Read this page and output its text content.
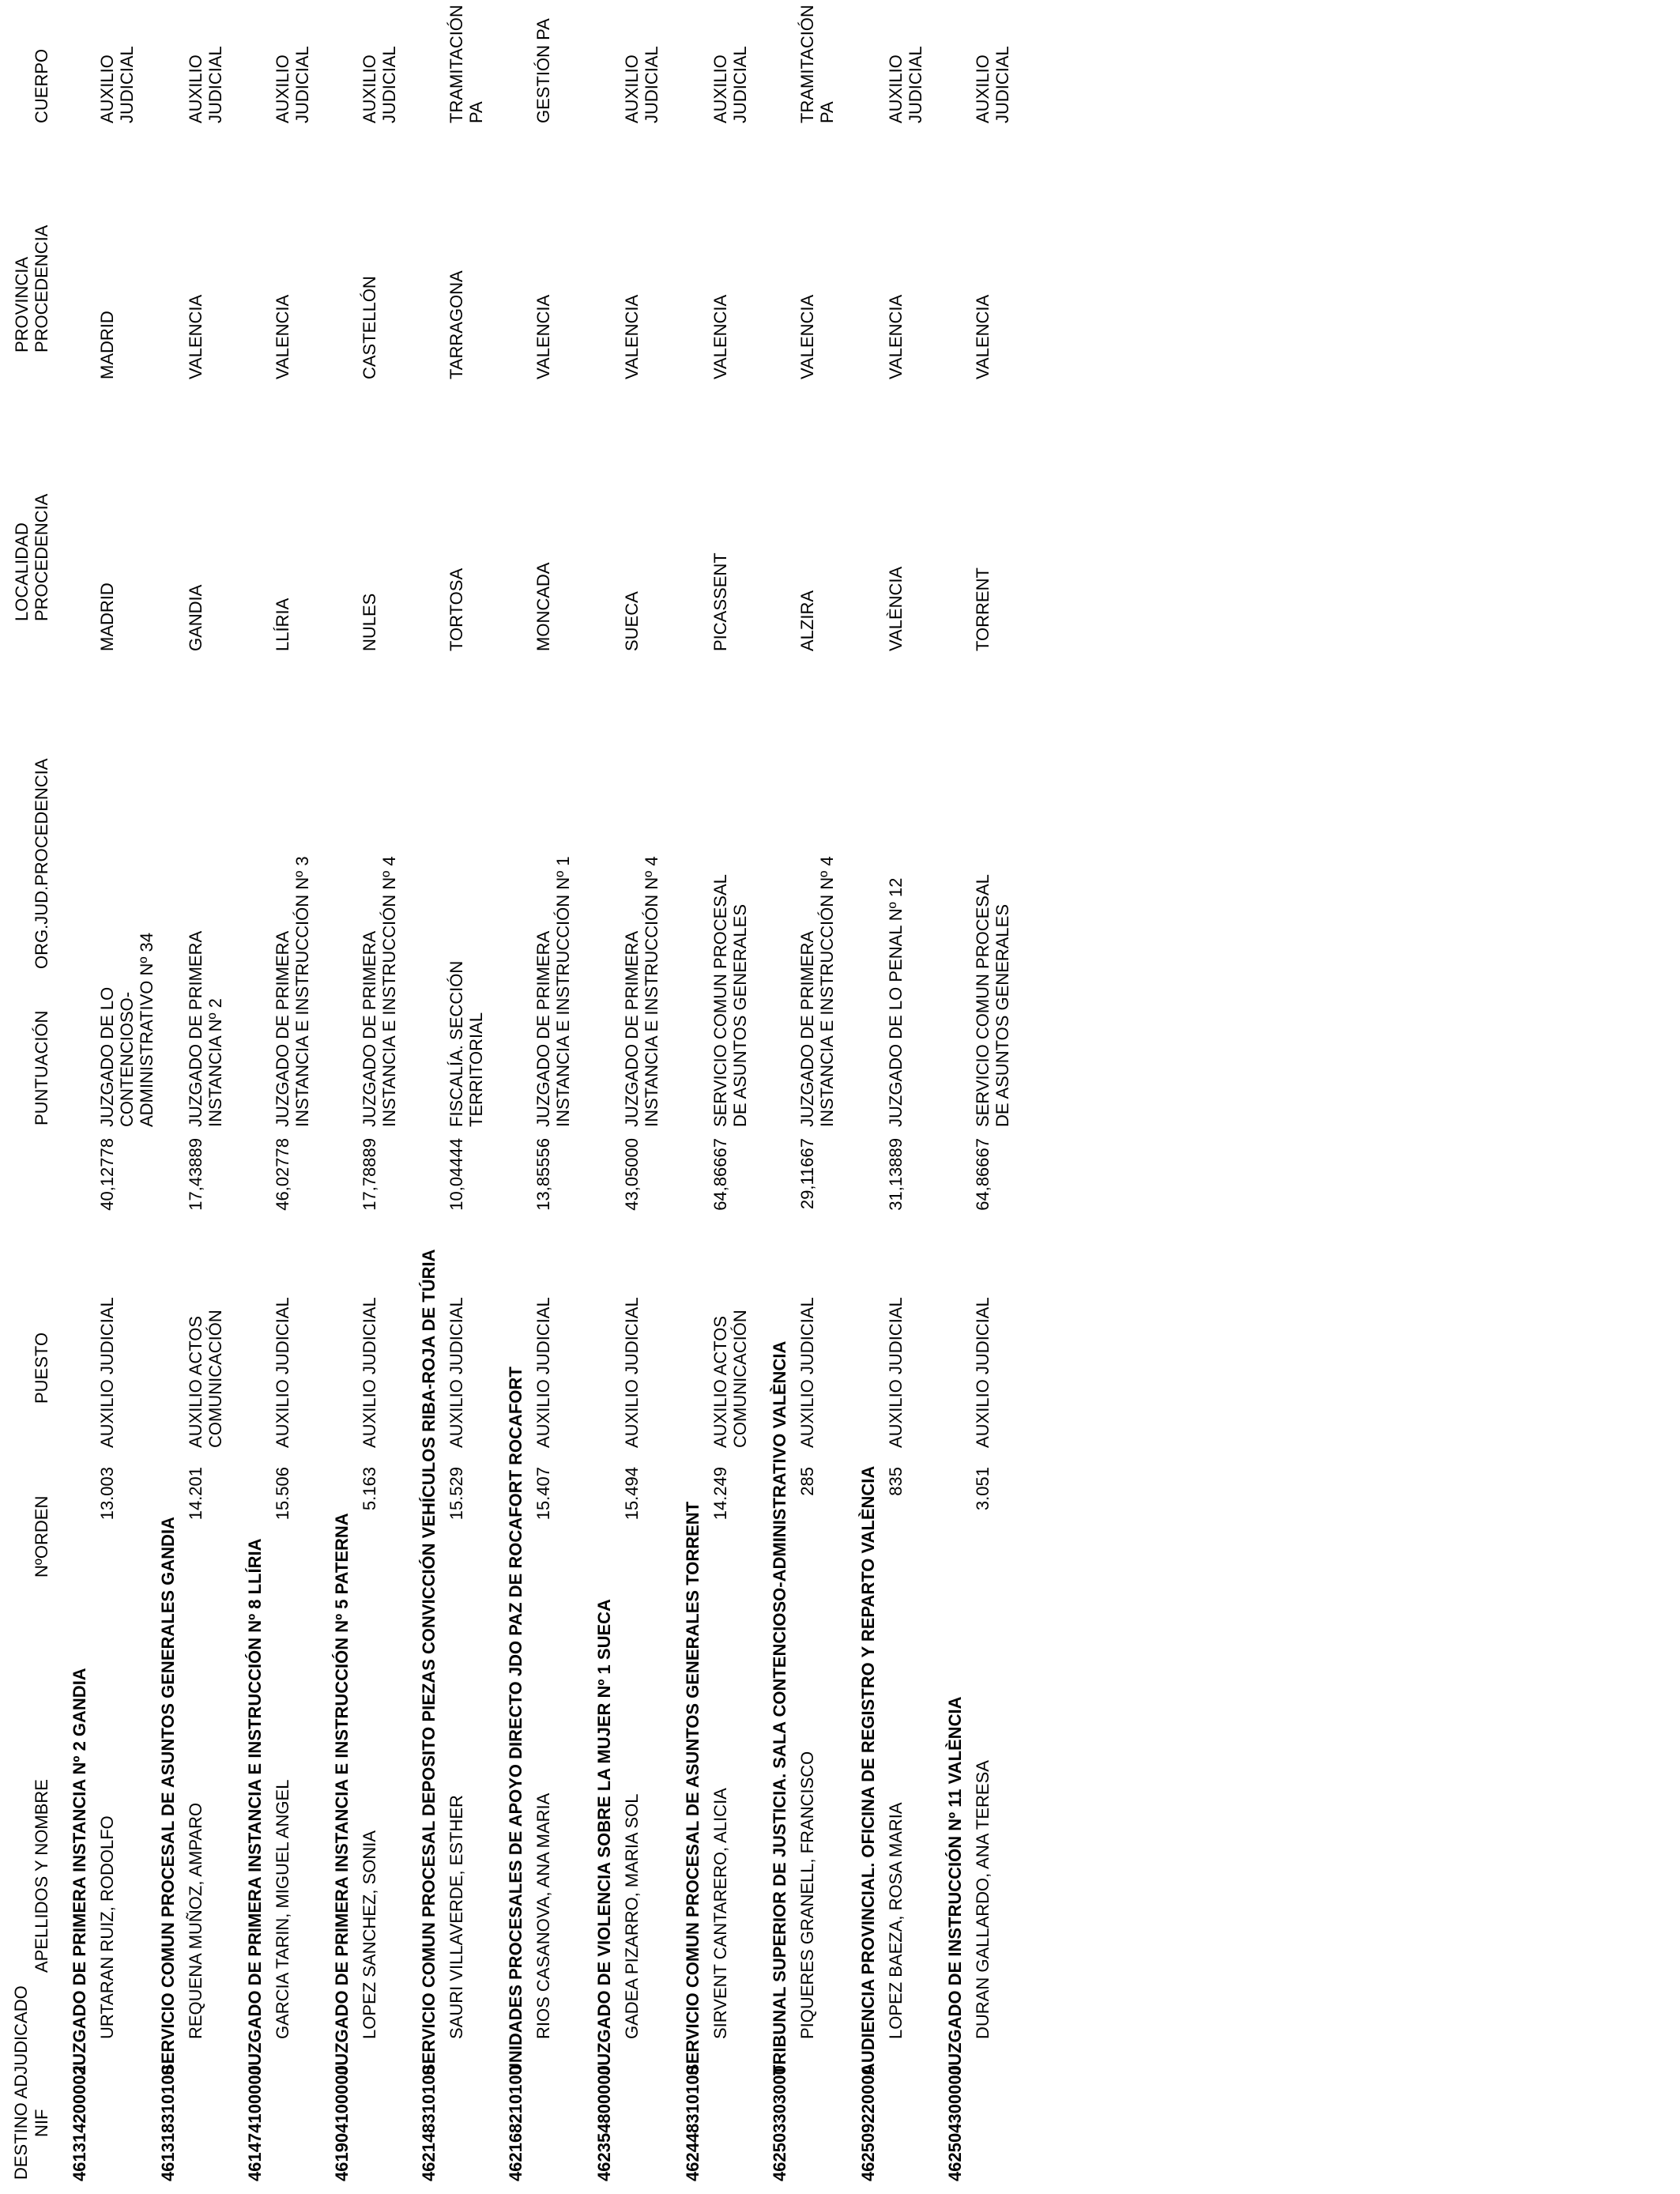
DESTINO ADJUDICADO NIF
APELLIDOS Y NOMBRE
NºORDEN
PUESTO
PUNTUACIÓN
ORG.JUD.PROCEDENCIA
LOCALIDAD PROCEDENCIA
PROVINCIA PROCEDENCIA
CUERPO
461314200002
JUZGADO DE PRIMERA INSTANCIA Nº 2 GANDIA URTARAN RUIZ, RODOLFO
13.003
AUXILIO JUDICIAL
40,12778
JUZGADO DE LO CONTENCIOSO- ADMINISTRATIVO Nº 34
MADRID
MADRID
AUXILIO JUDICIAL
461318310100
SERVICIO COMUN PROCESAL DE ASUNTOS GENERALES GANDIA REQUENA MUÑOZ, AMPARO
14.201
AUXILIO ACTOS COMUNICACIÓN
17,43889
JUZGADO DE PRIMERA INSTANCIA Nº 2
GANDIA
VALENCIA
AUXILIO JUDICIAL
461474100000
JUZGADO DE PRIMERA INSTANCIA E INSTRUCCIÓN Nº 8 LLÍRIA GARCIA TARIN, MIGUEL ANGEL
15.506
AUXILIO JUDICIAL
46,02778
JUZGADO DE PRIMERA INSTANCIA E INSTRUCCIÓN Nº 3
LLÍRIA
VALENCIA
AUXILIO JUDICIAL
461904100000
JUZGADO DE PRIMERA INSTANCIA E INSTRUCCIÓN Nº 5 PATERNA LOPEZ SANCHEZ, SONIA
5.163
AUXILIO JUDICIAL
17,78889
JUZGADO DE PRIMERA INSTANCIA E INSTRUCCIÓN Nº 4
NULES
CASTELLÓN
AUXILIO JUDICIAL
462148310100
SERVICIO COMUN PROCESAL DEPOSITO PIEZAS CONVICCIÓN VEHÍCULOS RIBA-ROJA DE TÚRIA SAURI VILLAVERDE, ESTHER
15.529
AUXILIO JUDICIAL
10,04444
FISCALÍA. SECCIÓN TERRITORIAL
TORTOSA
TARRAGONA
TRAMITACIÓN PA
462168210100
UNIDADES PROCESALES DE APOYO DIRECTO JDO PAZ DE ROCAFORT ROCAFORT RIOS CASANOVA, ANA MARIA
15.407
AUXILIO JUDICIAL
13,85556
JUZGADO DE PRIMERA INSTANCIA E INSTRUCCIÓN Nº 1
MONCADA
VALENCIA
GESTIÓN PA
462354800000
JUZGADO DE VIOLENCIA SOBRE LA MUJER Nº 1 SUECA GADEA PIZARRO, MARIA SOL
15.494
AUXILIO JUDICIAL
43,05000
JUZGADO DE PRIMERA INSTANCIA E INSTRUCCIÓN Nº 4
SUECA
VALENCIA
AUXILIO JUDICIAL
462448310100
SERVICIO COMUN PROCESAL DE ASUNTOS GENERALES TORRENT SIRVENT CANTARERO, ALICIA
14.249
AUXILIO ACTOS COMUNICACIÓN
64,86667
SERVICIO COMUN PROCESAL DE ASUNTOS GENERALES
PICASSENT
VALENCIA
AUXILIO JUDICIAL
462503303000
TRIBUNAL SUPERIOR DE JUSTICIA. SALA CONTENCIOSO-ADMINISTRATIVO VALÈNCIA PIQUERES GRANELL, FRANCISCO
285
AUXILIO JUDICIAL
29,11667
JUZGADO DE PRIMERA INSTANCIA E INSTRUCCIÓN Nº 4
ALZIRA
VALENCIA
TRAMITACIÓN PA
462509220000
AUDIENCIA PROVINCIAL. OFICINA DE REGISTRO Y REPARTO VALÈNCIA LOPEZ BAEZA, ROSA MARIA
835
AUXILIO JUDICIAL
31,13889
JUZGADO DE LO PENAL Nº 12
VALÈNCIA
VALENCIA
AUXILIO JUDICIAL
462504300000
JUZGADO DE INSTRUCCIÓN Nº 11 VALÈNCIA DURAN GALLARDO, ANA TERESA
3.051
AUXILIO JUDICIAL
64,86667
SERVICIO COMUN PROCESAL DE ASUNTOS GENERALES
TORRENT
VALENCIA
AUXILIO JUDICIAL
